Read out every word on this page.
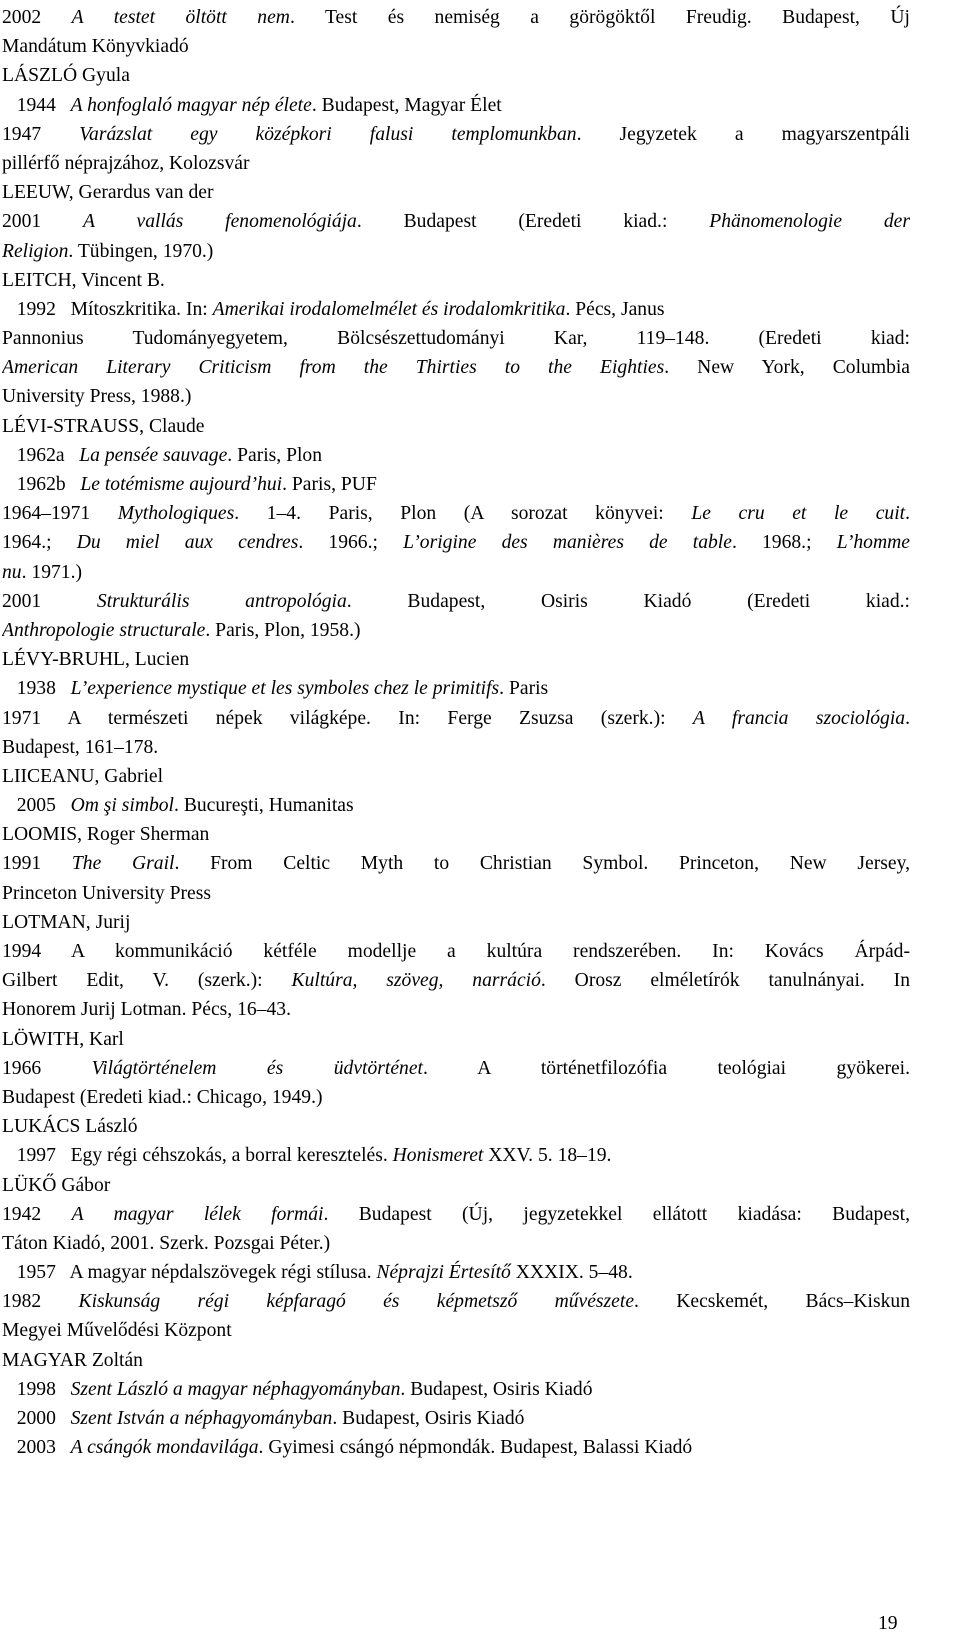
2002 A testet öltött nem. Test és nemiség a görögöktől Freudig. Budapest, Új
Mandátum Könyvkiadó
LÁSZLÓ Gyula
1944   A honfoglaló magyar nép élete. Budapest, Magyar Élet
1947 Varázslat egy középkori falusi templomunkban. Jegyzetek a magyarszentpáli
pillérfő néprajzához, Kolozsvár
LEEUW, Gerardus van der
2001 A vallás fenomenológiája. Budapest (Eredeti kiad.: Phänomenologie der
Religion. Tübingen, 1970.)
LEITCH, Vincent B.
1992   Mítoszkritika. In: Amerikai irodalomelmélet és irodalomkritika. Pécs, Janus
Pannonius Tudományegyetem, Bölcsészettudományi Kar, 119–148. (Eredeti kiad:
American Literary Criticism from the Thirties to the Eighties. New York, Columbia
University Press, 1988.)
LÉVI-STRAUSS, Claude
1962a   La pensée sauvage. Paris, Plon
1962b   Le totémisme aujourd’hui. Paris, PUF
1964–1971 Mythologiques. 1–4. Paris, Plon (A sorozat könyvei: Le cru et le cuit.
1964.; Du miel aux cendres. 1966.; L’origine des manières de table. 1968.; L’homme
nu. 1971.)
2001 Strukturális antropológia. Budapest, Osiris Kiadó (Eredeti kiad.:
Anthropologie structurale. Paris, Plon, 1958.)
LÉVY-BRUHL, Lucien
1938   L’experience mystique et les symboles chez le primitifs. Paris
1971 A természeti népek világképe. In: Ferge Zsuzsa (szerk.): A francia szociológia.
Budapest, 161–178.
LIICEANU, Gabriel
2005   Om şi simbol. Bucureşti, Humanitas
LOOMIS, Roger Sherman
1991 The Grail. From Celtic Myth to Christian Symbol. Princeton, New Jersey,
Princeton University Press
LOTMAN, Jurij
1994 A kommunikáció kétféle modellje a kultúra rendszerében. In: Kovács Árpád-
Gilbert Edit, V. (szerk.): Kultúra, szöveg, narráció. Orosz elméletírók tanulnányai. In
Honorem Jurij Lotman. Pécs, 16–43.
LÖWITH, Karl
1966 Világtörténelem és üdvtörténet. A történetfilozófia teológiai gyökerei.
Budapest (Eredeti kiad.: Chicago, 1949.)
LUKÁCS László
1997   Egy régi céhszokás, a borral keresztelés. Honismeret XXV. 5. 18–19.
LÜKŐ Gábor
1942 A magyar lélek formái. Budapest (Új, jegyzetekkel ellátott kiadása: Budapest,
Táton Kiadó, 2001. Szerk. Pozsgai Péter.)
1957   A magyar népdalszövegek régi stílusa. Néprajzi Értesítő XXXIX. 5–48.
1982 Kiskunság régi képfaragó és képmetsző művészete. Kecskemét, Bács–Kiskun
Megyei Művelődési Központ
MAGYAR Zoltán
1998   Szent László a magyar néphagyományban. Budapest, Osiris Kiadó
2000   Szent István a néphagyományban. Budapest, Osiris Kiadó
2003   A csángók mondavilága. Gyimesi csángó népmondák. Budapest, Balassi Kiadó
19
